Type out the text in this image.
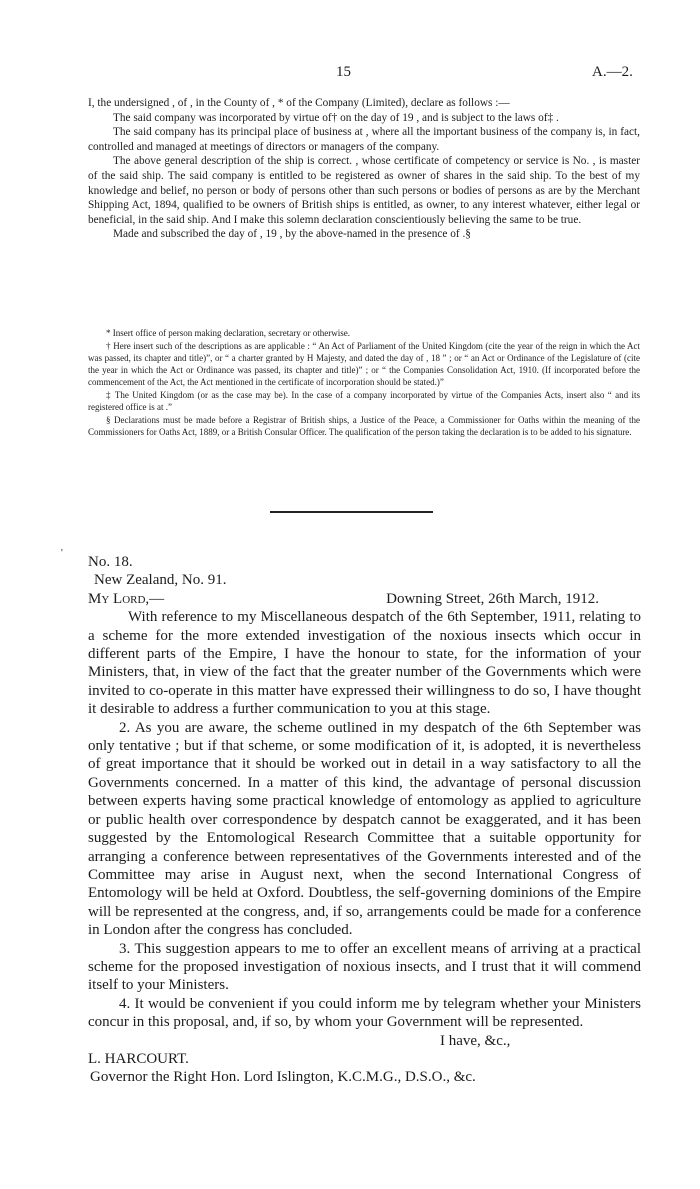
15	A.—2.

I, the undersigned , of , in the County of , * of the Company (Limited), declare as follows :—

The said company was incorporated by virtue of† on the day of 19 , and is subject to the laws of‡ .

The said company has its principal place of business at , where all the important business of the company is, in fact, controlled and managed at meetings of directors or managers of the company.

The above general description of the ship is correct. , whose certificate of competency or service is No. , is master of the said ship. The said company is entitled to be registered as owner of shares in the said ship. To the best of my knowledge and belief, no person or body of persons other than such persons or bodies of persons as are by the Merchant Shipping Act, 1894, qualified to be owners of British ships is entitled, as owner, to any interest whatever, either legal or beneficial, in the said ship. And I make this solemn declaration conscientiously believing the same to be true.

Made and subscribed the day of , 19 , by the above-named in the presence of .§

* Insert office of person making declaration, secretary or otherwise.

† Here insert such of the descriptions as are applicable : “ An Act of Parliament of the United Kingdom (cite the year of the reign in which the Act was passed, its chapter and title)”, or “ a charter granted by H Majesty, and dated the day of , 18 ” ; or “ an Act or Ordinance of the Legislature of (cite the year in which the Act or Ordinance was passed, its chapter and title)” ; or “ the Companies Consolidation Act, 1910. (If incorporated before the commencement of the Act, the Act mentioned in the certificate of incorporation should be stated.)”

‡ The United Kingdom (or as the case may be). In the case of a company incorporated by virtue of the Companies Acts, insert also “ and its registered office is at .”

§ Declarations must be made before a Registrar of British ships, a Justice of the Peace, a Commissioner for Oaths within the meaning of the Commissioners for Oaths Act, 1889, or a British Consular Officer. The qualification of the person taking the declaration is to be added to his signature.

'

No. 18.

New Zealand, No. 91.

My Lord,—	Downing Street, 26th March, 1912.

With reference to my Miscellaneous despatch of the 6th September, 1911, relating to a scheme for the more extended investigation of the noxious insects which occur in different parts of the Empire, I have the honour to state, for the information of your Ministers, that, in view of the fact that the greater number of the Governments which were invited to co-operate in this matter have expressed their willingness to do so, I have thought it desirable to address a further communication to you at this stage.

2. As you are aware, the scheme outlined in my despatch of the 6th September was only tentative ; but if that scheme, or some modification of it, is adopted, it is nevertheless of great importance that it should be worked out in detail in a way satisfactory to all the Governments concerned. In a matter of this kind, the advantage of personal discussion between experts having some practical knowledge of entomology as applied to agriculture or public health over correspondence by despatch cannot be exaggerated, and it has been suggested by the Entomological Research Committee that a suitable opportunity for arranging a conference between representatives of the Governments interested and of the Committee may arise in August next, when the second International Congress of Entomology will be held at Oxford. Doubtless, the self-governing dominions of the Empire will be represented at the congress, and, if so, arrangements could be made for a conference in London after the congress has concluded.

3. This suggestion appears to me to offer an excellent means of arriving at a practical scheme for the proposed investigation of noxious insects, and I trust that it will commend itself to your Ministers.

4. It would be convenient if you could inform me by telegram whether your Ministers concur in this proposal, and, if so, by whom your Government will be represented.

I have, &c.,

L. HARCOURT.

Governor the Right Hon. Lord Islington, K.C.M.G., D.S.O., &c.
